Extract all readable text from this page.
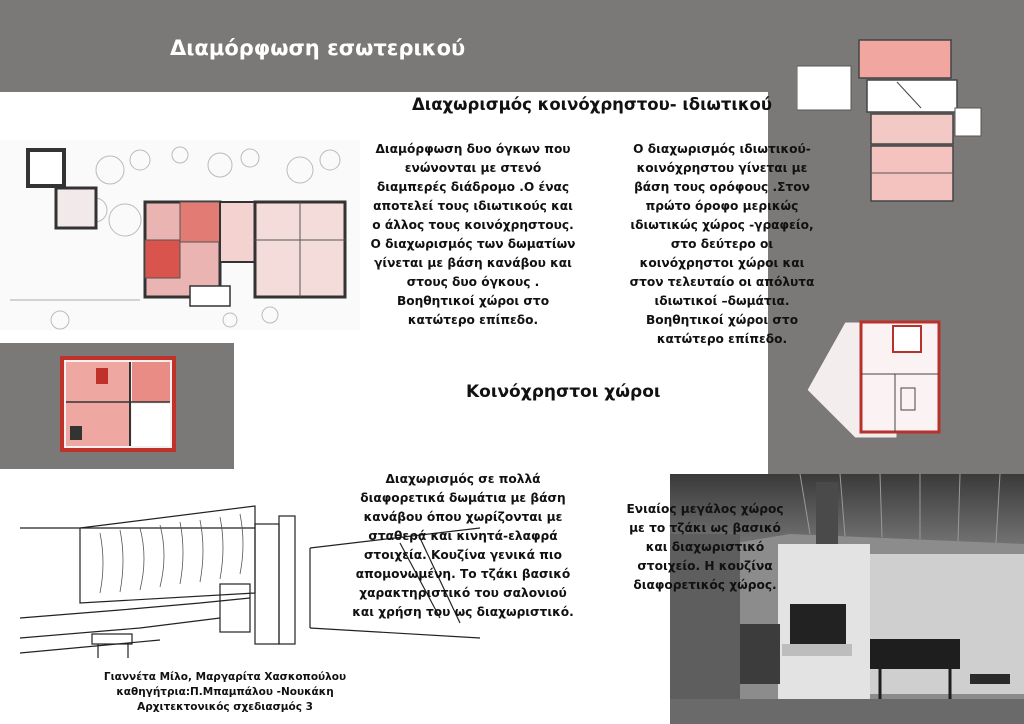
Διαμόρφωση εσωτερικού
Διαχωρισμός κοινόχρηστου- ιδιωτικού
Διαμόρφωση δυο όγκων που ενώνονται με στενό διαμπερές διάδρομο .Ο ένας αποτελεί τους ιδιωτικούς και ο άλλος τους κοινόχρηστους. Ο διαχωρισμός των δωματίων γίνεται με βάση κανάβου και στους δυο όγκους . Βοηθητικοί χώροι στο κατώτερο επίπεδο.
Ο διαχωρισμός ιδιωτικού-κοινόχρηστου γίνεται με βάση τους ορόφους .Στον πρώτο όροφο μερικώς ιδιωτικώς χώρος -γραφείο, στο δεύτερο οι κοινόχρηστοι χώροι και στον τελευταίο οι απόλυτα ιδιωτικοί –δωμάτια. Βοηθητικοί χώροι στο κατώτερο επίπεδο.
Κοινόχρηστοι χώροι
Διαχωρισμός σε πολλά διαφορετικά δωμάτια με βάση κανάβου όπου χωρίζονται με σταθερά και κινητά-ελαφρά στοιχεία. Κουζίνα γενικά πιο απομονωμένη. Το τζάκι βασικό χαρακτηριστικό του σαλονιού και χρήση του ως διαχωριστικό.
Ενιαίος μεγάλος χώρος με το τζάκι ως βασικό και διαχωριστικό στοιχείο. Η κουζίνα διαφορετικός χώρος.
Γιαννέτα Μίλο, Μαργαρίτα Χασκοπούλου
καθηγήτρια:Π.Μπαμπάλου -Νουκάκη
Αρχιτεκτονικός σχεδιασμός 3
